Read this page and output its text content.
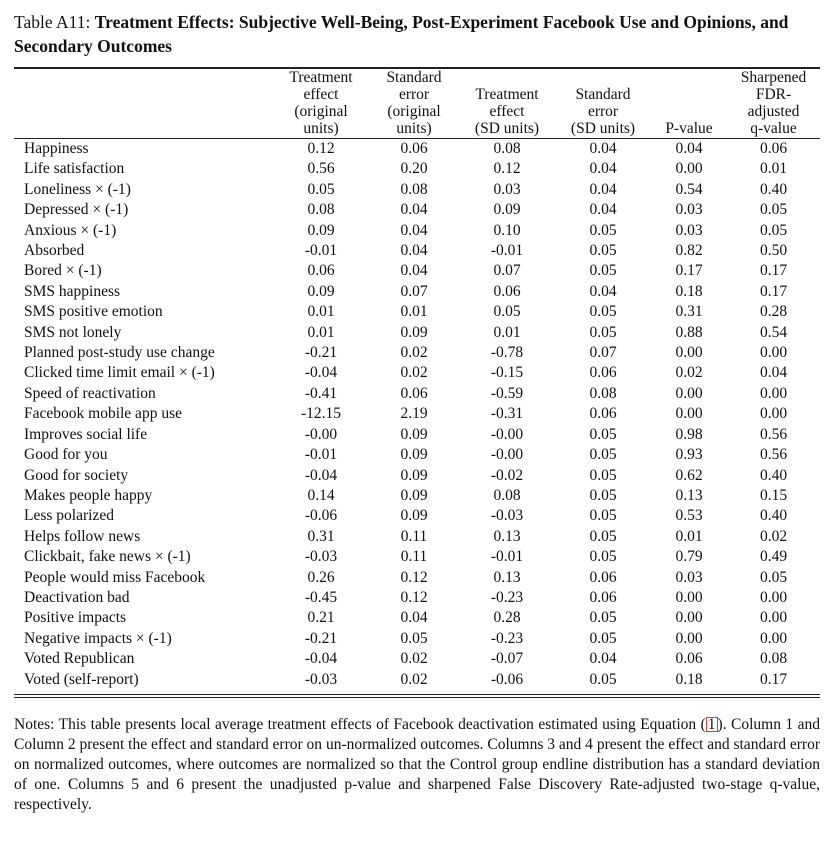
Table A11: Treatment Effects: Subjective Well-Being, Post-Experiment Facebook Use and Opinions, and Secondary Outcomes

	Treatment
effect
(original
units)	Standard
error
(original
units)	Treatment
effect
(SD units)	Standard
error
(SD units)	P-value	Sharpened
FDR-
adjusted
q-value
Happiness	0.12	0.06	0.08	0.04	0.04	0.06
Life satisfaction	0.56	0.20	0.12	0.04	0.00	0.01
Loneliness × (-1)	0.05	0.08	0.03	0.04	0.54	0.40
Depressed × (-1)	0.08	0.04	0.09	0.04	0.03	0.05
Anxious × (-1)	0.09	0.04	0.10	0.05	0.03	0.05
Absorbed	-0.01	0.04	-0.01	0.05	0.82	0.50
Bored × (-1)	0.06	0.04	0.07	0.05	0.17	0.17
SMS happiness	0.09	0.07	0.06	0.04	0.18	0.17
SMS positive emotion	0.01	0.01	0.05	0.05	0.31	0.28
SMS not lonely	0.01	0.09	0.01	0.05	0.88	0.54
Planned post-study use change	-0.21	0.02	-0.78	0.07	0.00	0.00
Clicked time limit email × (-1)	-0.04	0.02	-0.15	0.06	0.02	0.04
Speed of reactivation	-0.41	0.06	-0.59	0.08	0.00	0.00
Facebook mobile app use	-12.15	2.19	-0.31	0.06	0.00	0.00
Improves social life	-0.00	0.09	-0.00	0.05	0.98	0.56
Good for you	-0.01	0.09	-0.00	0.05	0.93	0.56
Good for society	-0.04	0.09	-0.02	0.05	0.62	0.40
Makes people happy	0.14	0.09	0.08	0.05	0.13	0.15
Less polarized	-0.06	0.09	-0.03	0.05	0.53	0.40
Helps follow news	0.31	0.11	0.13	0.05	0.01	0.02
Clickbait, fake news × (-1)	-0.03	0.11	-0.01	0.05	0.79	0.49
People would miss Facebook	0.26	0.12	0.13	0.06	0.03	0.05
Deactivation bad	-0.45	0.12	-0.23	0.06	0.00	0.00
Positive impacts	0.21	0.04	0.28	0.05	0.00	0.00
Negative impacts × (-1)	-0.21	0.05	-0.23	0.05	0.00	0.00
Voted Republican	-0.04	0.02	-0.07	0.04	0.06	0.08
Voted (self-report)	-0.03	0.02	-0.06	0.05	0.18	0.17

Notes: This table presents local average treatment effects of Facebook deactivation estimated using Equation ( 1 ). Column 1 and Column 2 present the effect and standard error on un-normalized outcomes. Columns 3 and 4 present the effect and standard error on normalized outcomes, where outcomes are normalized so that the Control group endline distribution has a standard deviation of one. Columns 5 and 6 present the unadjusted p-value and sharpened False Discovery Rate-adjusted two-stage q-value, respectively.
